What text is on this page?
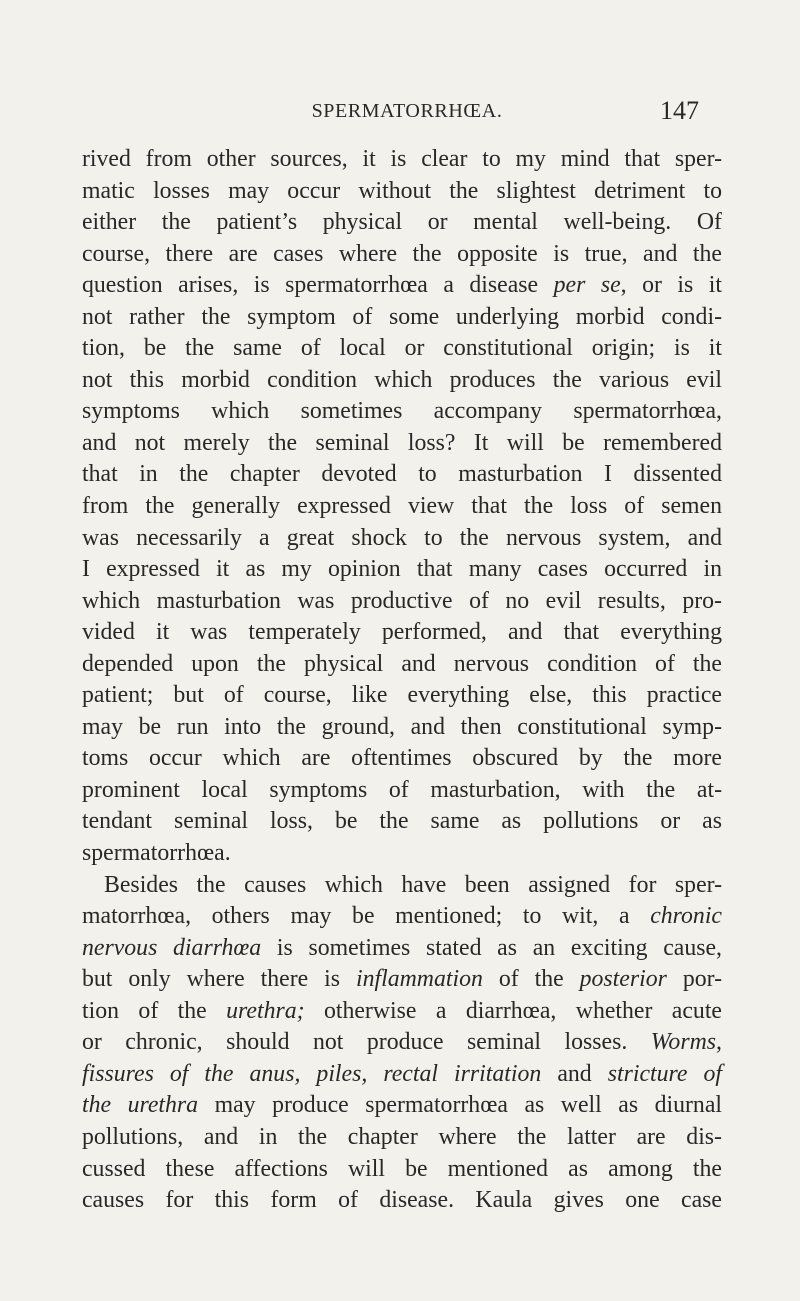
SPERMATORRHŒA.	147
rived from other sources, it is clear to my mind that sper-
matic losses may occur without the slightest detriment to
either the patient’s physical or mental well-being. Of
course, there are cases where the opposite is true, and the
question arises, is spermatorrhœa a disease per se, or is it
not rather the symptom of some underlying morbid condi-
tion, be the same of local or constitutional origin; is it
not this morbid condition which produces the various evil
symptoms which sometimes accompany spermatorrhœa,
and not merely the seminal loss? It will be remembered
that in the chapter devoted to masturbation I dissented
from the generally expressed view that the loss of semen
was necessarily a great shock to the nervous system, and
I expressed it as my opinion that many cases occurred in
which masturbation was productive of no evil results, pro-
vided it was temperately performed, and that everything
depended upon the physical and nervous condition of the
patient; but of course, like everything else, this practice
may be run into the ground, and then constitutional symp-
toms occur which are oftentimes obscured by the more
prominent local symptoms of masturbation, with the at-
tendant seminal loss, be the same as pollutions or as
spermatorrhœa.
Besides the causes which have been assigned for sper-
matorrhœa, others may be mentioned; to wit, a chronic
nervous diarrhœa is sometimes stated as an exciting cause,
but only where there is inflammation of the posterior por-
tion of the urethra; otherwise a diarrhœa, whether acute
or chronic, should not produce seminal losses. Worms,
fissures of the anus, piles, rectal irritation and stricture of
the urethra may produce spermatorrhœa as well as diurnal
pollutions, and in the chapter where the latter are dis-
cussed these affections will be mentioned as among the
causes for this form of disease. Kaula gives one case
